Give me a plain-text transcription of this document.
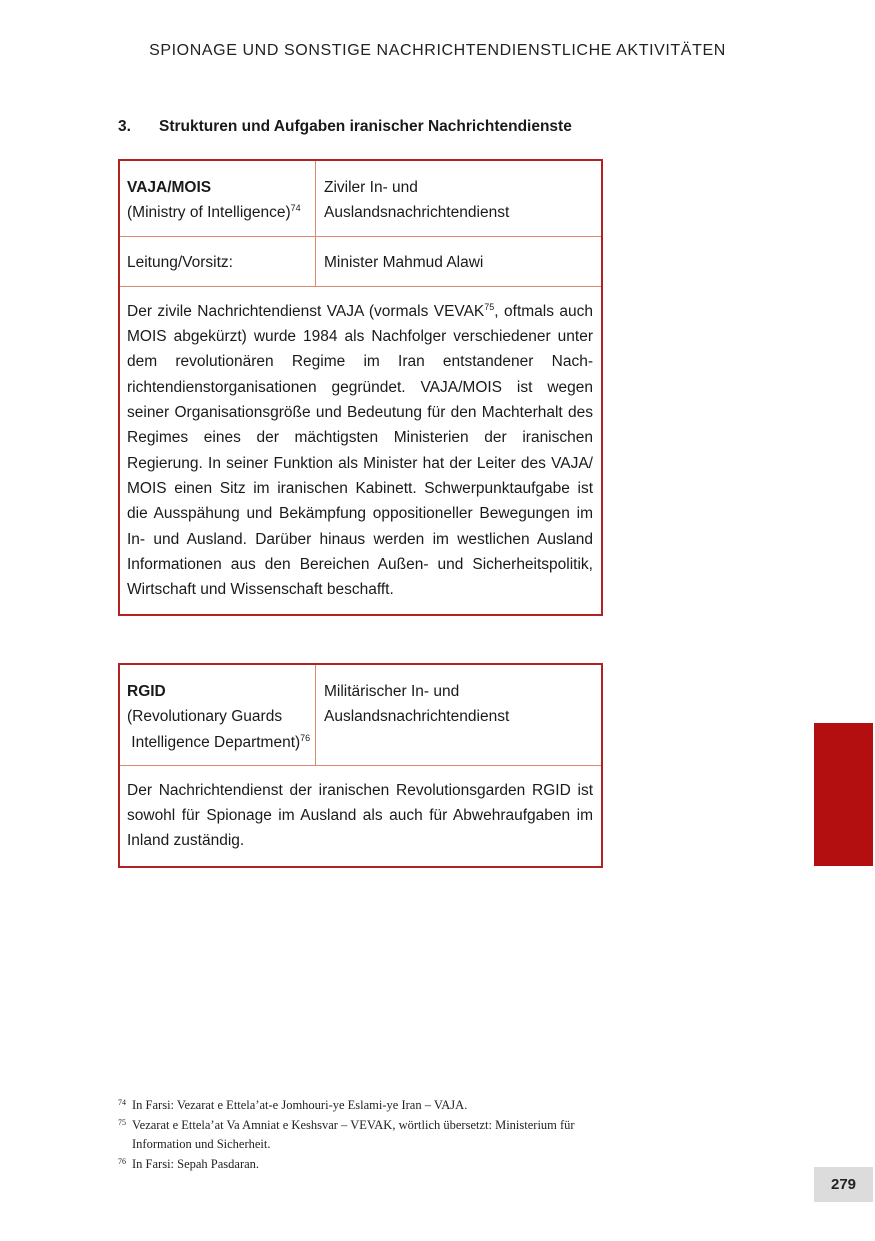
SPIONAGE UND SONSTIGE NACHRICHTENDIENSTLICHE AKTIVITÄTEN
3. Strukturen und Aufgaben iranischer Nachrichtendienste
VAJA/MOIS
(Ministry of Intelligence)$^{74}$
Ziviler In- und
Auslandsnachrichtendienst
Leitung/Vorsitz:	Minister Mahmud Alawi
Der zivile Nachrichtendienst VAJA (vormals VEVAK$^{75}$, oftmals auch MOIS abgekürzt) wurde 1984 als Nachfolger verschiedener unter dem revolutionären Regime im Iran entstandener Nachrichtendienstorganisationen gegründet. VAJA/MOIS ist wegen seiner Organisationsgröße und Bedeutung für den Machterhalt des Regimes eines der mächtigsten Ministerien der iranischen Regierung. In seiner Funktion als Minister hat der Leiter des VAJA/ MOIS einen Sitz im iranischen Kabinett. Schwerpunktaufgabe ist die Ausspähung und Bekämpfung oppositioneller Bewegungen im In- und Ausland. Darüber hinaus werden im westlichen Ausland Informationen aus den Bereichen Außen- und Sicherheitspolitik, Wirtschaft und Wissenschaft beschafft.
RGID
(Revolutionary Guards
Intelligence Department)$^{76}$
Militärischer In- und
Auslandsnachrichtendienst
Der Nachrichtendienst der iranischen Revolutionsgarden RGID ist sowohl für Spionage im Ausland als auch für Abwehraufgaben im Inland zuständig.
74 In Farsi: Vezarat e Ettela’at-e Jomhouri-ye Eslami-ye Iran – VAJA.
75 Vezarat e Ettela’at Va Amniat e Keshsvar – VEVAK, wörtlich übersetzt: Ministerium für Information und Sicherheit.
76 In Farsi: Sepah Pasdaran.
279
